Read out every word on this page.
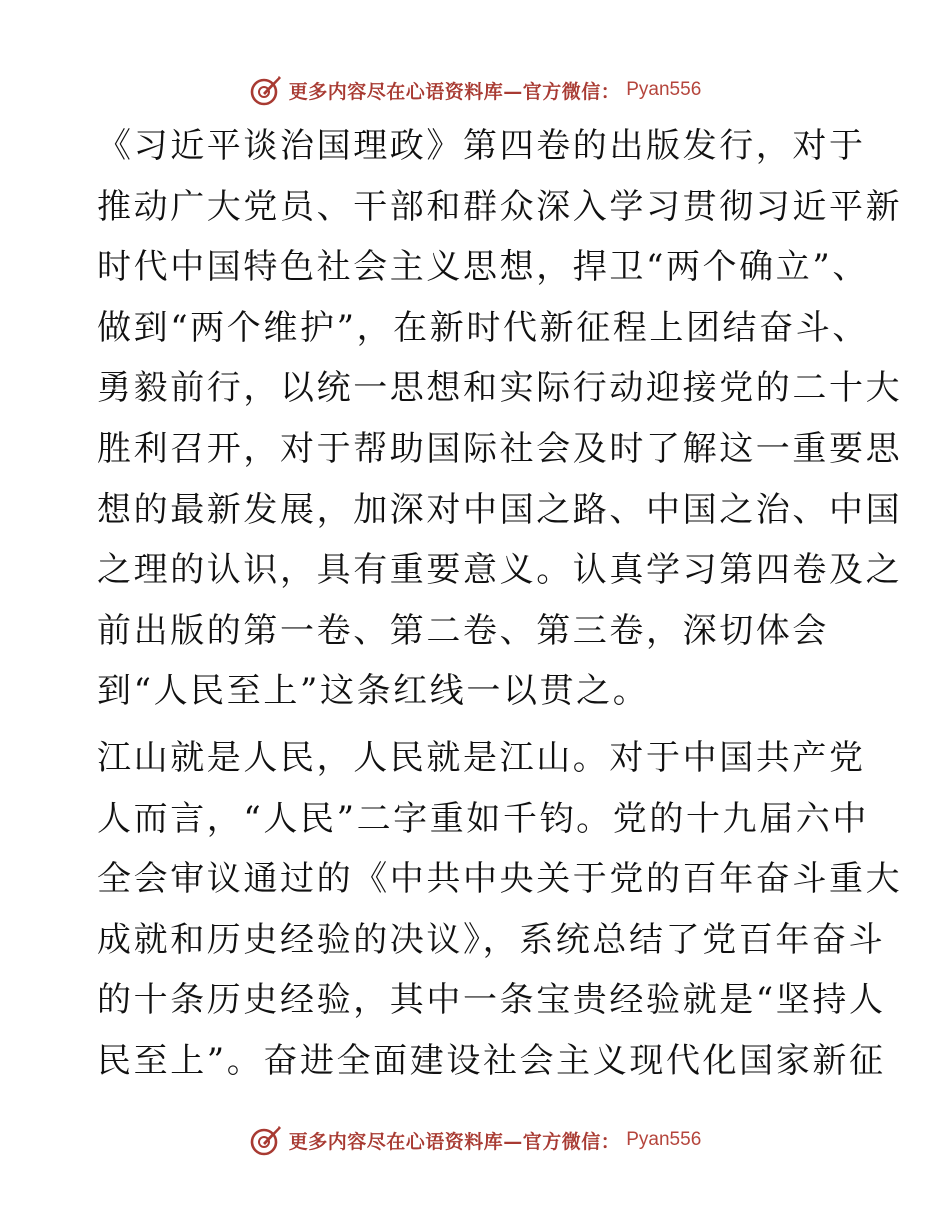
更多内容尽在心语资料库—官方微信： Pyan556

《习近平谈治国理政》第四卷的出版发行，对于
推动广大党员、干部和群众深入学习贯彻习近平新
时代中国特色社会主义思想，捍卫“两个确立”、
做到“两个维护”，在新时代新征程上团结奋斗、
勇毅前行，以统一思想和实际行动迎接党的二十大
胜利召开，对于帮助国际社会及时了解这一重要思
想的最新发展，加深对中国之路、中国之治、中国
之理的认识，具有重要意义。认真学习第四卷及之
前出版的第一卷、第二卷、第三卷，深切体会
到“人民至上”这条红线一以贯之。

江山就是人民，人民就是江山。对于中国共产党
人而言，“人民”二字重如千钧。党的十九届六中
全会审议通过的《中共中央关于党的百年奋斗重大
成就和历史经验的决议》，系统总结了党百年奋斗
的十条历史经验，其中一条宝贵经验就是“坚持人
民至上”。奋进全面建设社会主义现代化国家新征

更多内容尽在心语资料库—官方微信： Pyan556
